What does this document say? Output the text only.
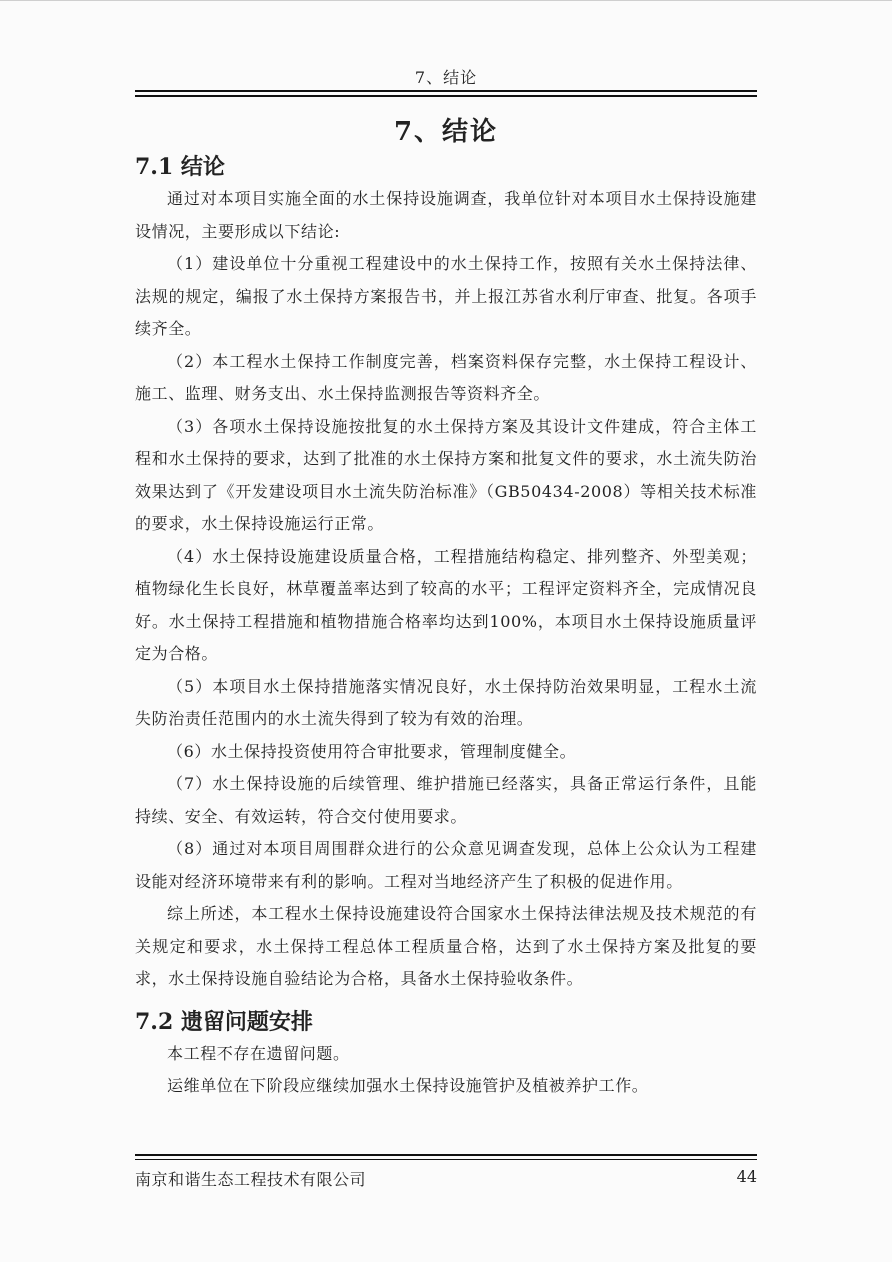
7、结论
7、结论
7.1 结论

通过对本项目实施全面的水土保持设施调查，我单位针对本项目水土保持设施建设情况，主要形成以下结论:

（1）建设单位十分重视工程建设中的水土保持工作，按照有关水土保持法律、法规的规定，编报了水土保持方案报告书，并上报江苏省水利厅审查、批复。各项手续齐全。

（2）本工程水土保持工作制度完善，档案资料保存完整，水土保持工程设计、施工、监理、财务支出、水土保持监测报告等资料齐全。

（3）各项水土保持设施按批复的水土保持方案及其设计文件建成，符合主体工程和水土保持的要求，达到了批准的水土保持方案和批复文件的要求，水土流失防治效果达到了《开发建设项目水土流失防治标准》（GB50434-2008）等相关技术标准的要求，水土保持设施运行正常。

（4）水土保持设施建设质量合格，工程措施结构稳定、排列整齐、外型美观；植物绿化生长良好，林草覆盖率达到了较高的水平；工程评定资料齐全，完成情况良好。水土保持工程措施和植物措施合格率均达到100%，本项目水土保持设施质量评定为合格。

（5）本项目水土保持措施落实情况良好，水土保持防治效果明显，工程水土流失防治责任范围内的水土流失得到了较为有效的治理。

（6）水土保持投资使用符合审批要求，管理制度健全。

（7）水土保持设施的后续管理、维护措施已经落实，具备正常运行条件，且能持续、安全、有效运转，符合交付使用要求。

（8）通过对本项目周围群众进行的公众意见调查发现，总体上公众认为工程建设能对经济环境带来有利的影响。工程对当地经济产生了积极的促进作用。

综上所述，本工程水土保持设施建设符合国家水土保持法律法规及技术规范的有关规定和要求，水土保持工程总体工程质量合格，达到了水土保持方案及批复的要求，水土保持设施自验结论为合格，具备水土保持验收条件。

7.2 遗留问题安排

本工程不存在遗留问题。

运维单位在下阶段应继续加强水土保持设施管护及植被养护工作。

南京和谐生态工程技术有限公司	44
